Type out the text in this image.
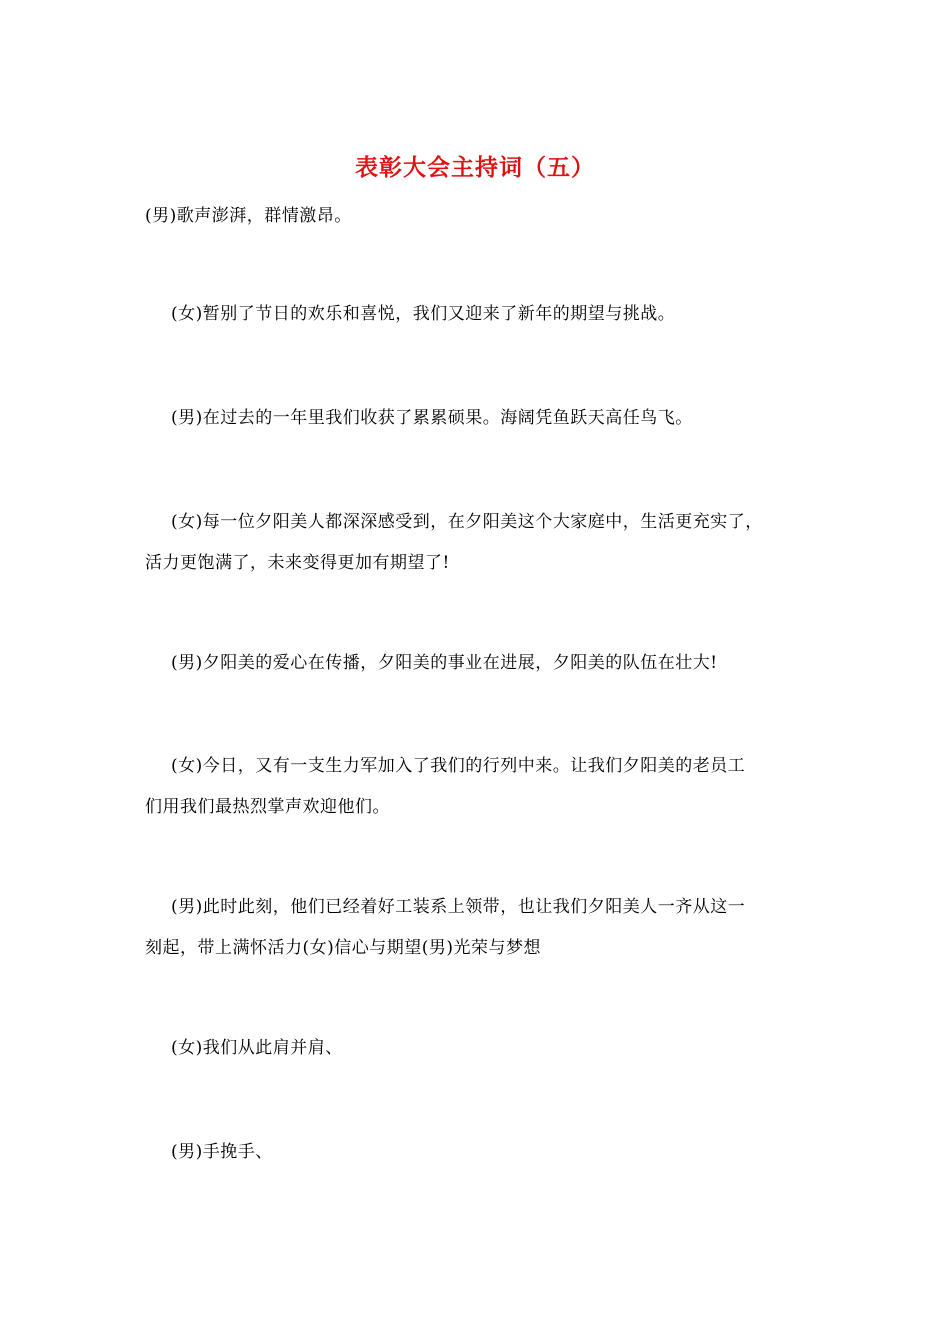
表彰大会主持词（五）
(男)歌声澎湃，群情激昂。
(女)暂别了节日的欢乐和喜悦，我们又迎来了新年的期望与挑战。
(男)在过去的一年里我们收获了累累硕果。海阔凭鱼跃天高任鸟飞。
(女)每一位夕阳美人都深深感受到，在夕阳美这个大家庭中，生活更充实了，
活力更饱满了，未来变得更加有期望了!
(男)夕阳美的爱心在传播，夕阳美的事业在进展，夕阳美的队伍在壮大!
(女)今日，又有一支生力军加入了我们的行列中来。让我们夕阳美的老员工
们用我们最热烈掌声欢迎他们。
(男)此时此刻，他们已经着好工装系上领带，也让我们夕阳美人一齐从这一
刻起，带上满怀活力(女)信心与期望(男)光荣与梦想
(女)我们从此肩并肩、
(男)手挽手、
